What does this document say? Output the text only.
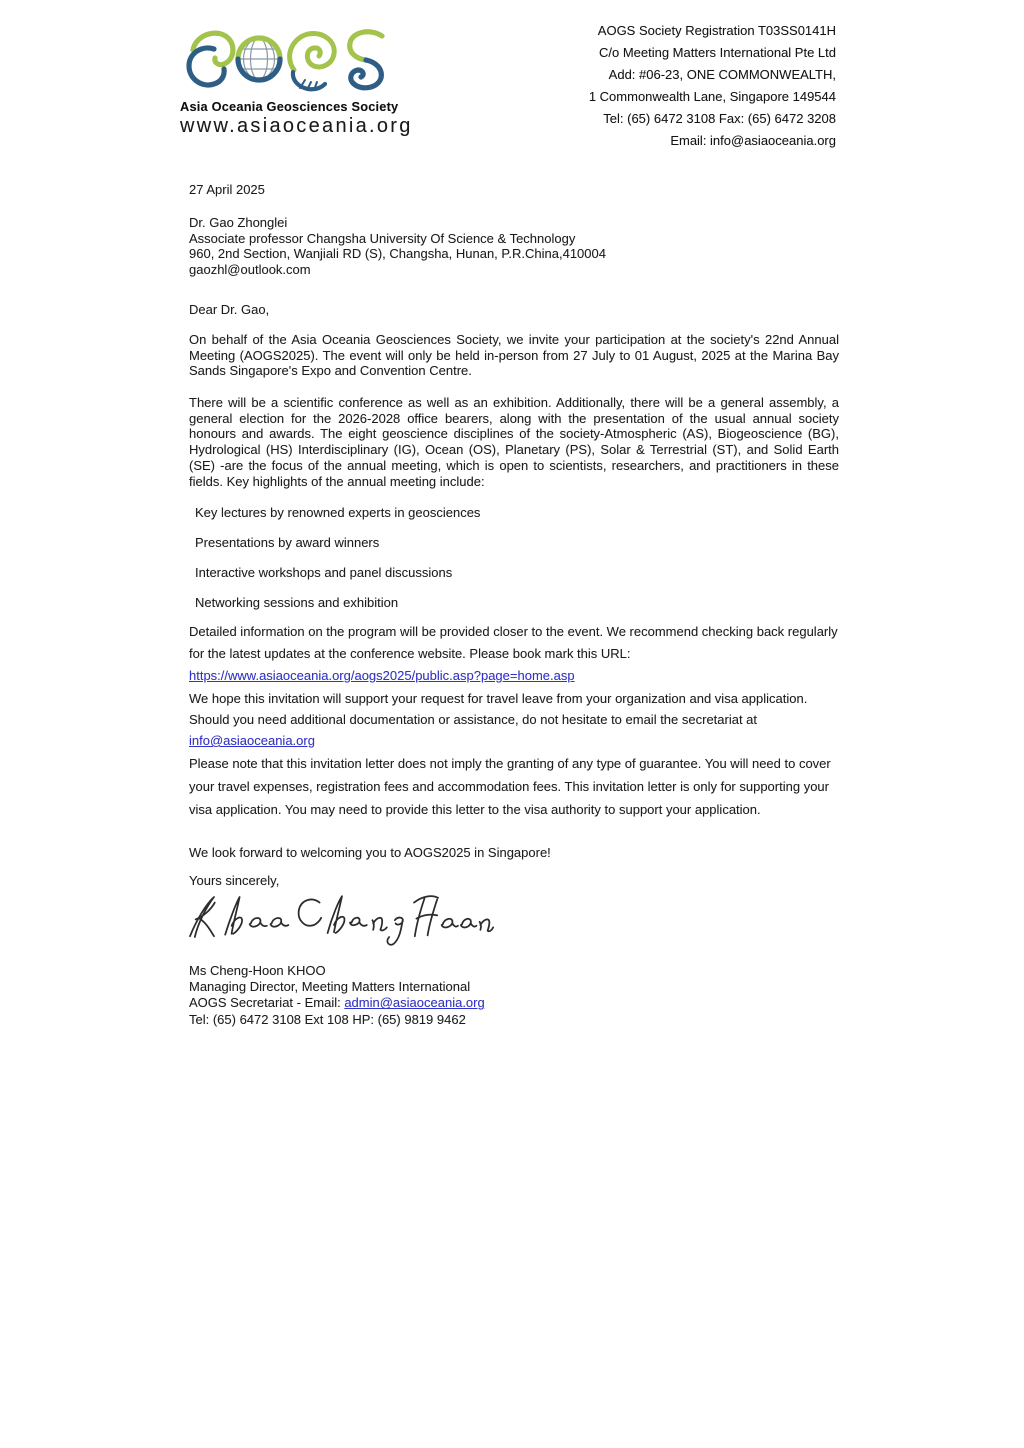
Asia Oceania Geosciences Society
www.asiaoceania.org
AOGS Society Registration T03SS0141H
C/o Meeting Matters International Pte Ltd
Add: #06-23, ONE COMMONWEALTH,
1 Commonwealth Lane, Singapore 149544
Tel: (65) 6472 3108 Fax: (65) 6472 3208
Email: info@asiaoceania.org
27 April 2025
Dr. Gao Zhonglei
Associate professor Changsha University Of Science & Technology
960, 2nd Section, Wanjiali RD (S), Changsha, Hunan, P.R.China,410004
gaozhl@outlook.com
Dear Dr. Gao,
On behalf of the Asia Oceania Geosciences Society, we invite your participation at the society's 22nd Annual Meeting (AOGS2025). The event will only be held in-person from 27 July to 01 August, 2025 at the Marina Bay Sands Singapore's Expo and Convention Centre.
There will be a scientific conference as well as an exhibition. Additionally, there will be a general assembly, a general election for the 2026-2028 office bearers, along with the presentation of the usual annual society honours and awards. The eight geoscience disciplines of the society-Atmospheric (AS), Biogeoscience (BG), Hydrological (HS) Interdisciplinary (IG), Ocean (OS), Planetary (PS), Solar & Terrestrial (ST), and Solid Earth (SE) -are the focus of the annual meeting, which is open to scientists, researchers, and practitioners in these fields. Key highlights of the annual meeting include:
Key lectures by renowned experts in geosciences
Presentations by award winners
Interactive workshops and panel discussions
Networking sessions and exhibition
Detailed information on the program will be provided closer to the event. We recommend checking back regularly for the latest updates at the conference website. Please book mark this URL:
https://www.asiaoceania.org/aogs2025/public.asp?page=home.asp
We hope this invitation will support your request for travel leave from your organization and visa application. Should you need additional documentation or assistance, do not hesitate to email the secretariat at
info@asiaoceania.org
Please note that this invitation letter does not imply the granting of any type of guarantee. You will need to cover your travel expenses, registration fees and accommodation fees. This invitation letter is only for supporting your visa application. You may need to provide this letter to the visa authority to support your application.
We look forward to welcoming you to AOGS2025 in Singapore!
Yours sincerely,
Ms Cheng-Hoon KHOO
Managing Director, Meeting Matters International
AOGS Secretariat - Email: admin@asiaoceania.org
Tel: (65) 6472 3108 Ext 108 HP: (65) 9819 9462
